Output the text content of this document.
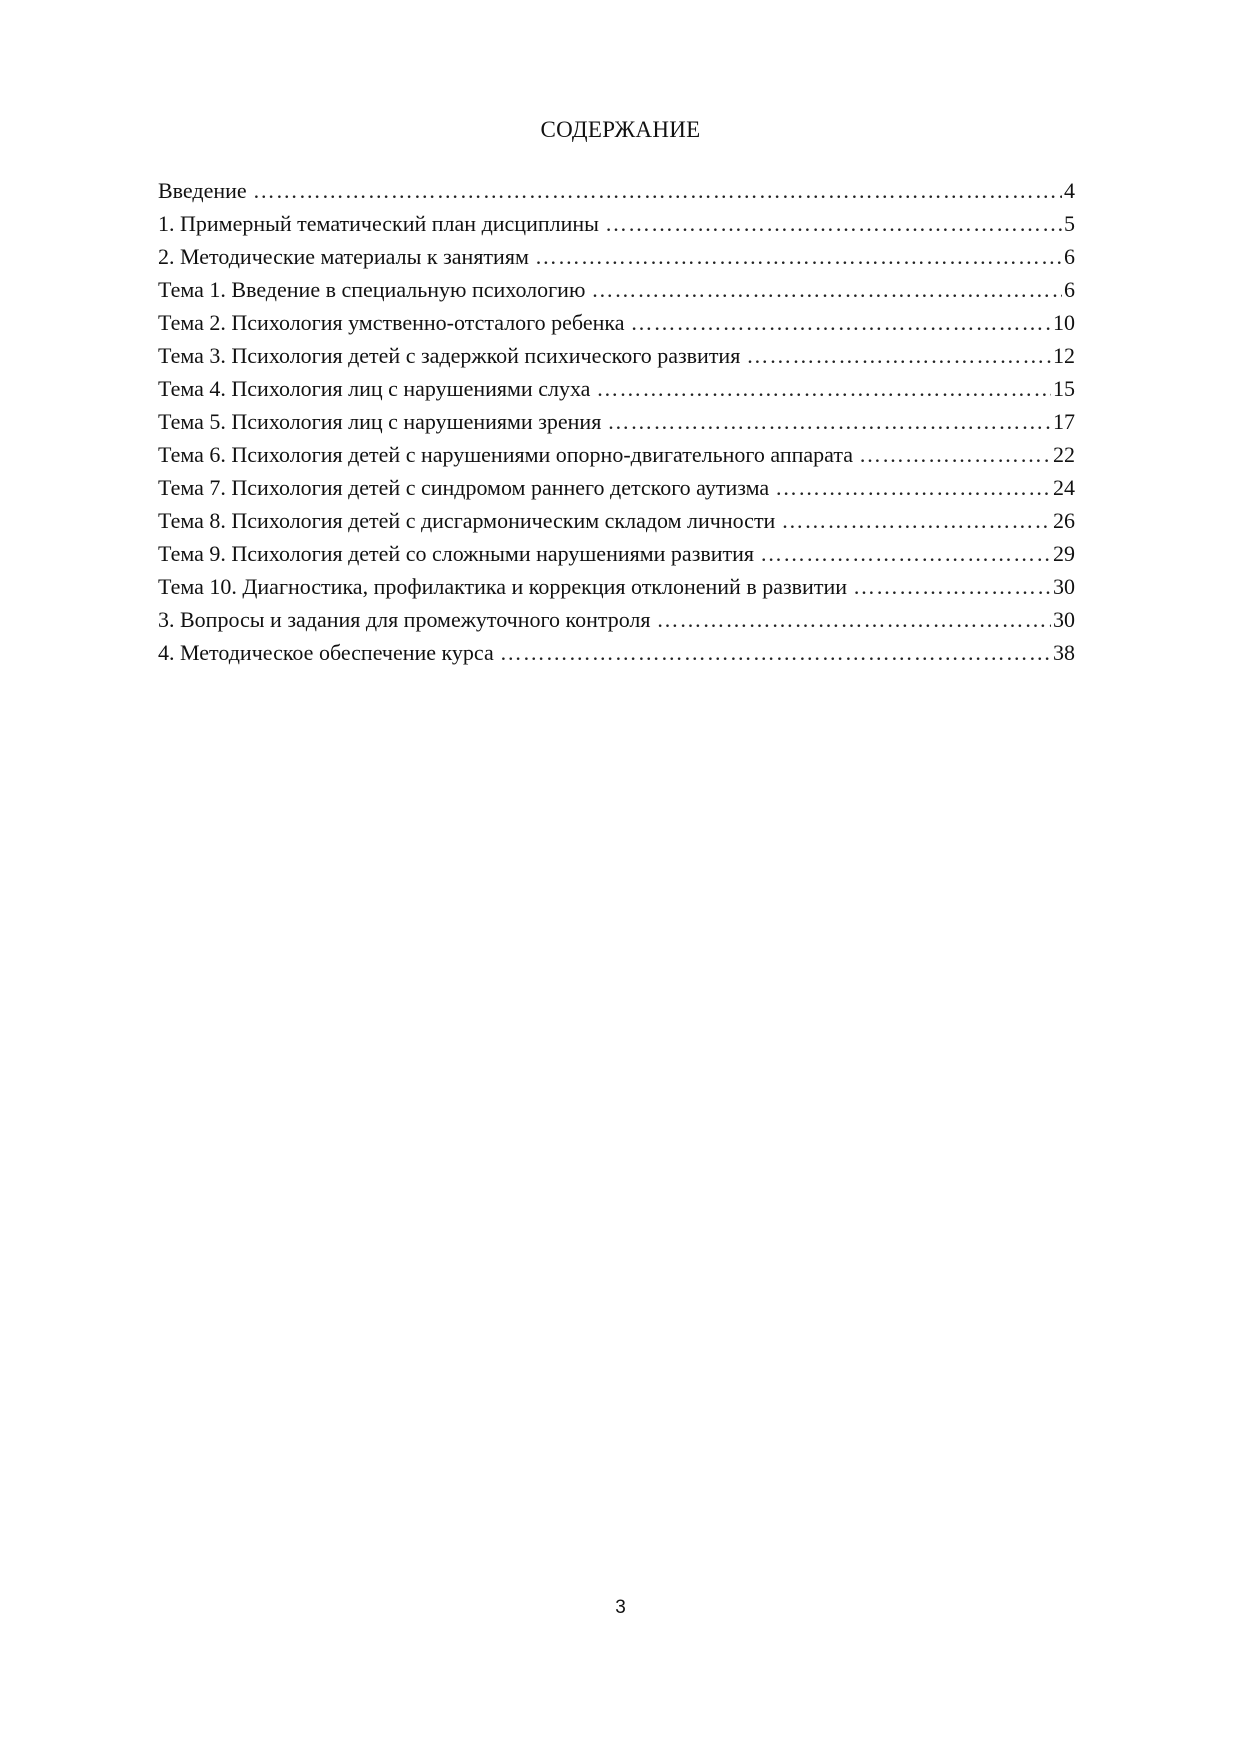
СОДЕРЖАНИЕ
Введение …………………………………………………………………………………………………………………………………………………………………………………………………………	4
1. Примерный тематический план дисциплины …………………………………………………………………………………………………………………………………………………………………………………………………………	5
2. Методические материалы к занятиям …………………………………………………………………………………………………………………………………………………………………………………………………………	6
Тема 1. Введение в специальную психологию …………………………………………………………………………………………………………………………………………………………………………………………………………	6
Тема 2. Психология умственно-отсталого ребенка …………………………………………………………………………………………………………………………………………………………………………………………………………	10
Тема 3. Психология детей с задержкой психического развития …………………………………………………………………………………………………………………………………………………………………………………………………………	12
Тема 4. Психология лиц с нарушениями слуха …………………………………………………………………………………………………………………………………………………………………………………………………………	15
Тема 5. Психология лиц с нарушениями зрения …………………………………………………………………………………………………………………………………………………………………………………………………………	17
Тема 6. Психология детей с нарушениями опорно-двигательного аппарата …………………………………………………………………………………………………………………………………………………………………………………………………………	22
Тема 7. Психология детей с синдромом раннего детского аутизма …………………………………………………………………………………………………………………………………………………………………………………………………………	24
Тема 8. Психология детей с дисгармоническим складом личности …………………………………………………………………………………………………………………………………………………………………………………………………………	26
Тема 9. Психология детей со сложными нарушениями развития …………………………………………………………………………………………………………………………………………………………………………………………………………	29
Тема 10. Диагностика, профилактика и коррекция отклонений в развитии …………………………………………………………………………………………………………………………………………………………………………………………………………	30
3. Вопросы и задания для промежуточного контроля …………………………………………………………………………………………………………………………………………………………………………………………………………	30
4. Методическое обеспечение курса …………………………………………………………………………………………………………………………………………………………………………………………………………	38
3
